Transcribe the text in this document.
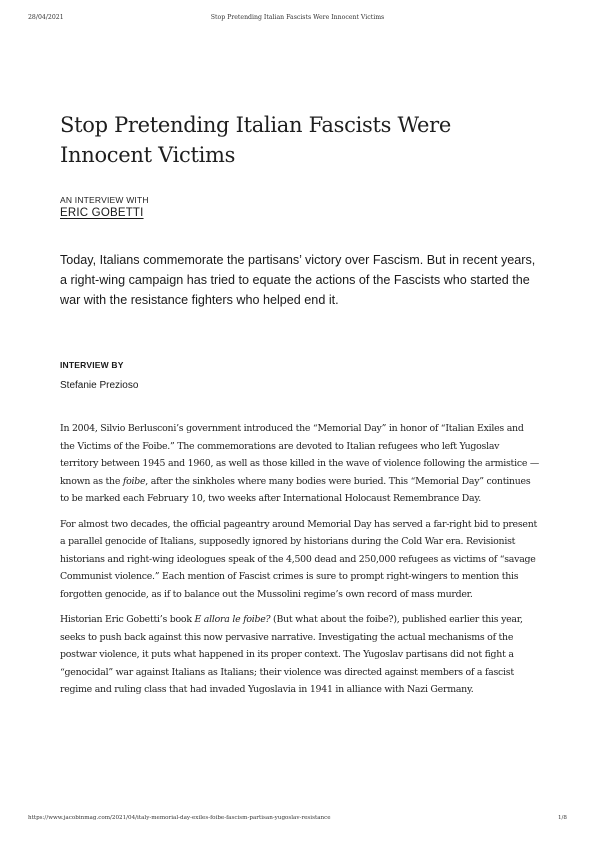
28/04/2021	Stop Pretending Italian Fascists Were Innocent Victims
Stop Pretending Italian Fascists Were Innocent Victims
AN INTERVIEW WITH
ERIC GOBETTI

Today, Italians commemorate the partisans’ victory over Fascism. But in recent years, a right-wing campaign has tried to equate the actions of the Fascists who started the war with the resistance fighters who helped end it.

INTERVIEW BY
Stefanie Prezioso

In 2004, Silvio Berlusconi’s government introduced the “Memorial Day” in honor of “Italian Exiles and the Victims of the Foibe.” The commemorations are devoted to Italian refugees who left Yugoslav territory between 1945 and 1960, as well as those killed in the wave of violence following the armistice — known as the foibe, after the sinkholes where many bodies were buried. This “Memorial Day” continues to be marked each February 10, two weeks after International Holocaust Remembrance Day.

For almost two decades, the official pageantry around Memorial Day has served a far-right bid to present a parallel genocide of Italians, supposedly ignored by historians during the Cold War era. Revisionist historians and right-wing ideologues speak of the 4,500 dead and 250,000 refugees as victims of “savage Communist violence.” Each mention of Fascist crimes is sure to prompt right-wingers to mention this forgotten genocide, as if to balance out the Mussolini regime’s own record of mass murder.

Historian Eric Gobetti’s book E allora le foibe? (But what about the foibe?), published earlier this year, seeks to push back against this now pervasive narrative. Investigating the actual mechanisms of the postwar violence, it puts what happened in its proper context. The Yugoslav partisans did not fight a “genocidal” war against Italians as Italians; their violence was directed against members of a fascist regime and ruling class that had invaded Yugoslavia in 1941 in alliance with Nazi Germany.

https://www.jacobinmag.com/2021/04/italy-memorial-day-exiles-foibe-fascism-partisan-yugoslav-resistance	1/8
